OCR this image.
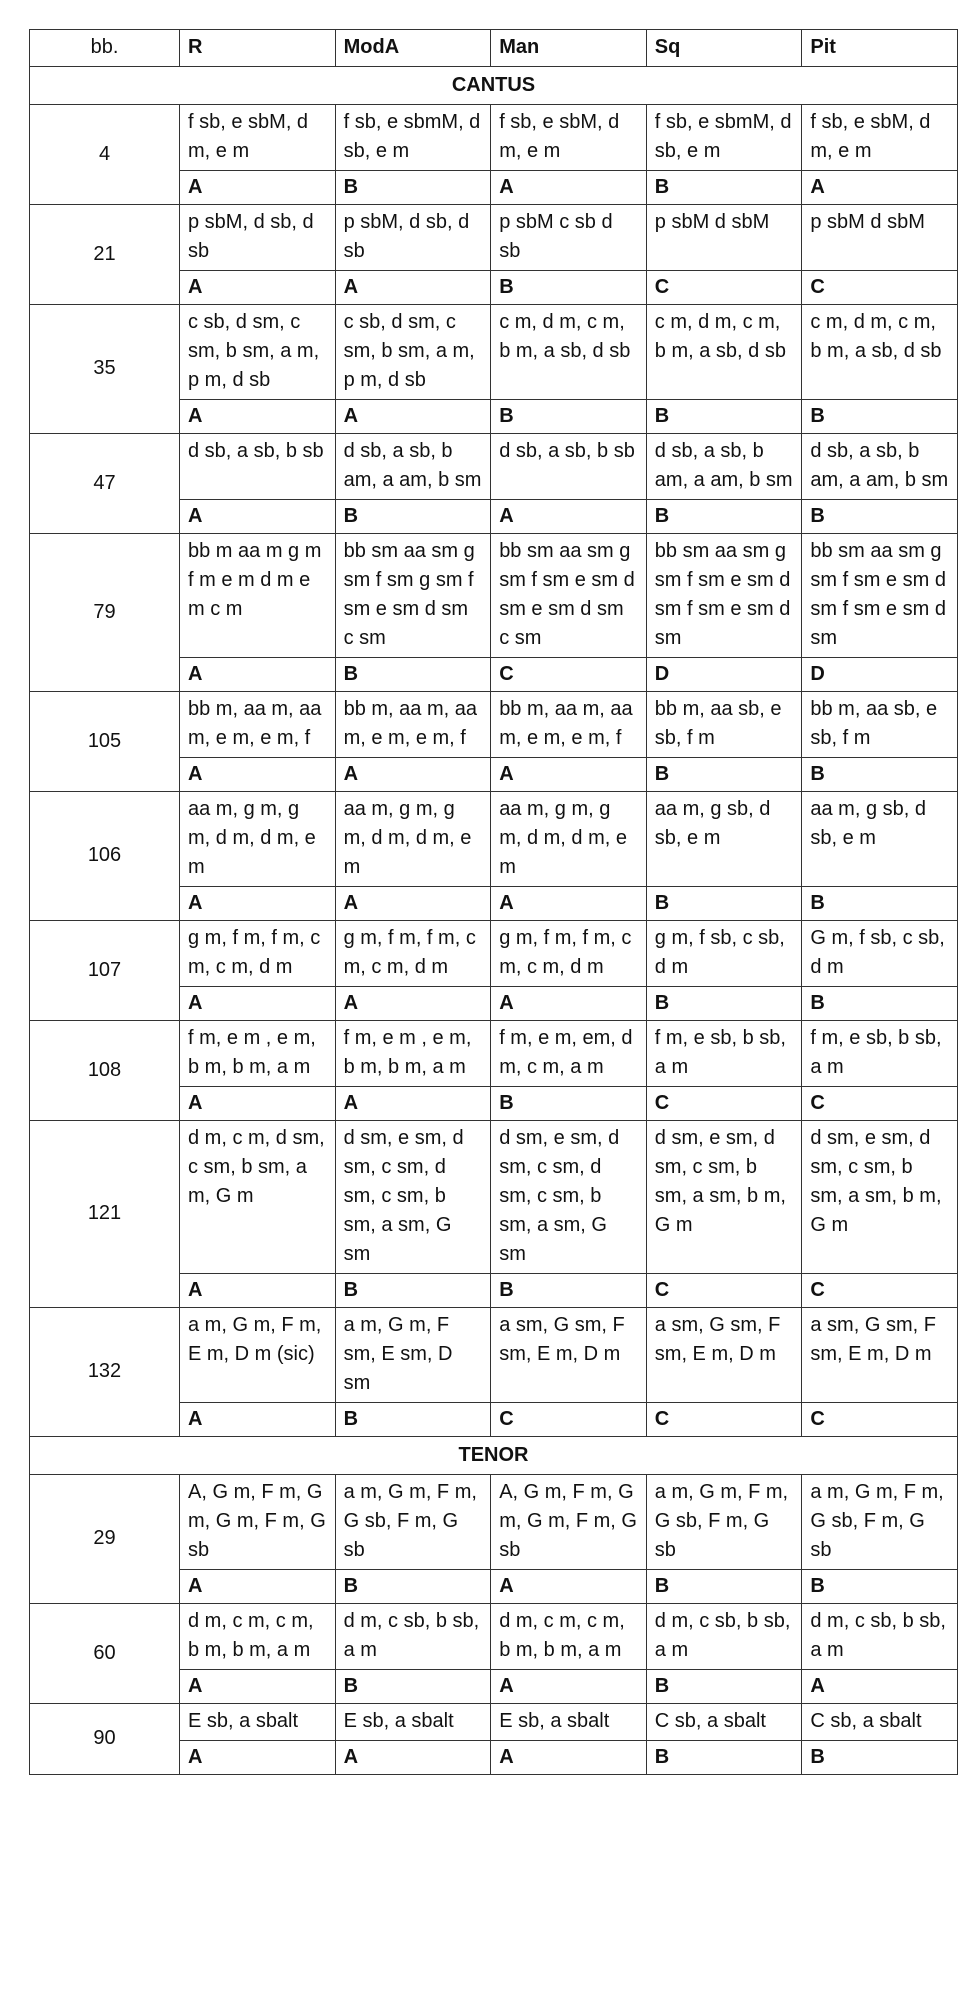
bb.	R	ModA	Man	Sq	Pit
CANTUS					
4	f sb, e sbM, d m, e m	f sb, e sbmM, d sb, e m	f sb, e sbM, d m, e m	f sb, e sbmM, d sb, e m	f sb, e sbM, d m, e m
	A	B	A	B	A
21	p sbM, d sb, d sb	p sbM, d sb, d sb	p sbM c sb d sb	p sbM d sbM	p sbM d sbM
	A	A	B	C	C
35	c sb, d sm, c sm, b sm, a m, p m, d sb	c sb, d sm, c sm, b sm, a m, p m, d sb	c m, d m, c m, b m, a sb, d sb	c m, d m, c m, b m, a sb, d sb	c m, d m, c m, b m, a sb, d sb
	A	A	B	B	B
47	d sb, a sb, b sb	d sb, a sb, b am, a am, b sm	d sb, a sb, b sb	d sb, a sb, b am, a am, b sm	d sb, a sb, b am, a am, b sm
	A	B	A	B	B
79	bb m aa m g m f m e m d m e m c m	bb sm aa sm g sm f sm g sm f sm e sm d sm c sm	bb sm aa sm g sm f sm e sm d sm e sm d sm c sm	bb sm aa sm g sm f sm e sm d sm f sm e sm d sm	bb sm aa sm g sm f sm e sm d sm f sm e sm d sm
	A	B	C	D	D
105	bb m, aa m, aa m, e m, e m, f	bb m, aa m, aa m, e m, e m, f	bb m, aa m, aa m, e m, e m, f	bb m, aa sb, e sb, f m	bb m, aa sb, e sb, f m
	A	A	A	B	B
106	aa m, g m, g m, d m, d m, e m	aa m, g m, g m, d m, d m, e m	aa m, g m, g m, d m, d m, e m	aa m, g sb, d sb, e m	aa m, g sb, d sb, e m
	A	A	A	B	B
107	g m, f m, f m, c m, c m, d m	g m, f m, f m, c m, c m, d m	g m, f m, f m, c m, c m, d m	g m, f sb, c sb, d m	G m, f sb, c sb, d m
	A	A	A	B	B
108	f m, e m , e m, b m, b m, a m	f m, e m , e m, b m, b m, a m	f m, e m, em, d m, c m, a m	f m, e sb, b sb, a m	f m, e sb, b sb, a m
	A	A	B	C	C
121	d m, c m, d sm, c sm, b sm, a m, G m	d sm, e sm, d sm, c sm, d sm, c sm, b sm, a sm, G sm	d sm, e sm, d sm, c sm, d sm, c sm, b sm, a sm, G sm	d sm, e sm, d sm, c sm, b sm, a sm, b m, G m	d sm, e sm, d sm, c sm, b sm, a sm, b m, G m
	A	B	B	C	C
132	a m, G m, F m, E m, D m (sic)	a m, G m, F sm, E sm, D sm	a sm, G sm, F sm, E m, D m	a sm, G sm, F sm, E m, D m	a sm, G sm, F sm, E m, D m
	A	B	C	C	C
TENOR					
29	A, G m, F m, G m, G m, F m, G sb	a m, G m, F m, G sb, F m, G sb	A, G m, F m, G m, G m, F m, G sb	a m, G m, F m, G sb, F m, G sb	a m, G m, F m, G sb, F m, G sb
	A	B	A	B	B
60	d m, c m, c m, b m, b m, a m	d m, c sb, b sb, a m	d m, c m, c m, b m, b m, a m	d m, c sb, b sb, a m	d m, c sb, b sb, a m
	A	B	A	B	A
90	E sb, a sbalt	E sb, a sbalt	E sb, a sbalt	C sb, a sbalt	C sb, a sbalt
	A	A	A	B	B
